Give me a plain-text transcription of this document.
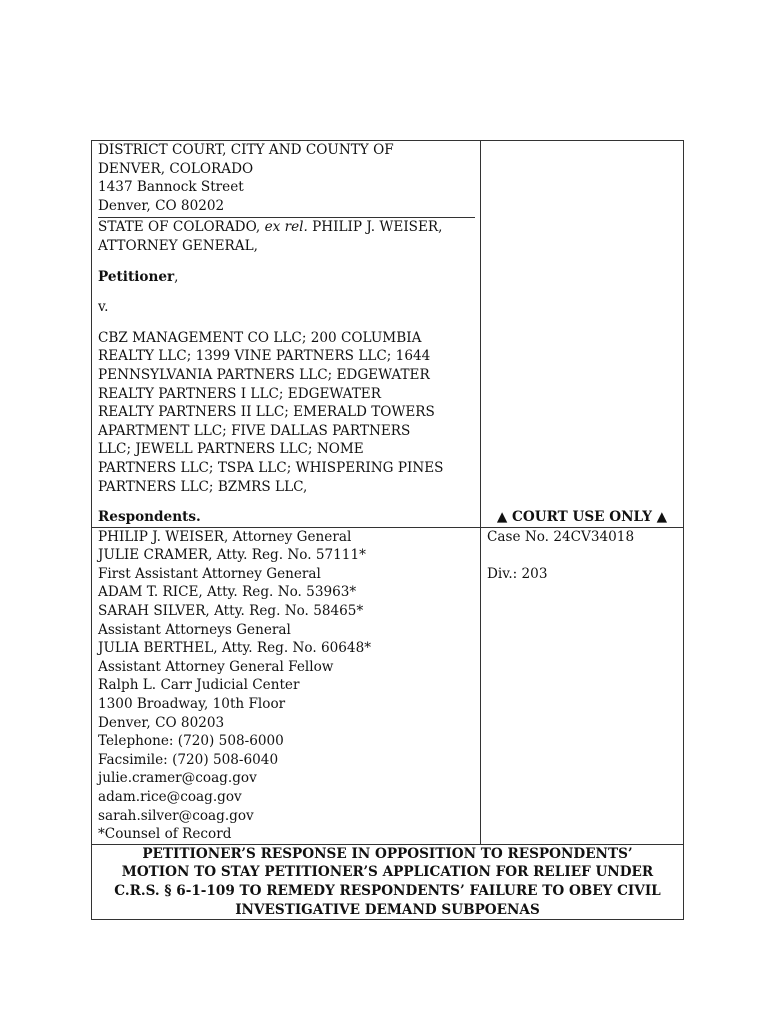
DISTRICT COURT, CITY AND COUNTY OF
DENVER, COLORADO
1437 Bannock Street
Denver, CO 80202
STATE OF COLORADO, ex rel. PHILIP J. WEISER,
ATTORNEY GENERAL,
Petitioner,
v.
CBZ MANAGEMENT CO LLC; 200 COLUMBIA
REALTY LLC; 1399 VINE PARTNERS LLC; 1644
PENNSYLVANIA PARTNERS LLC; EDGEWATER
REALTY PARTNERS I LLC; EDGEWATER
REALTY PARTNERS II LLC; EMERALD TOWERS
APARTMENT LLC; FIVE DALLAS PARTNERS
LLC; JEWELL PARTNERS LLC; NOME
PARTNERS LLC; TSPA LLC; WHISPERING PINES
PARTNERS LLC; BZMRS LLC,
Respondents.	▲ COURT USE ONLY ▲
PHILIP J. WEISER, Attorney General
JULIE CRAMER, Atty. Reg. No. 57111*
First Assistant Attorney General
ADAM T. RICE, Atty. Reg. No. 53963*
SARAH SILVER, Atty. Reg. No. 58465*
Assistant Attorneys General
JULIA BERTHEL, Atty. Reg. No. 60648*
Assistant Attorney General Fellow
Ralph L. Carr Judicial Center
1300 Broadway, 10th Floor
Denver, CO 80203
Telephone: (720) 508-6000
Facsimile: (720) 508-6040
julie.cramer@coag.gov
adam.rice@coag.gov
sarah.silver@coag.gov
*Counsel of Record
Case No. 24CV34018
Div.: 203
PETITIONER’S RESPONSE IN OPPOSITION TO RESPONDENTS’
MOTION TO STAY PETITIONER’S APPLICATION FOR RELIEF UNDER
C.R.S. § 6-1-109 TO REMEDY RESPONDENTS’ FAILURE TO OBEY CIVIL
INVESTIGATIVE DEMAND SUBPOENAS
